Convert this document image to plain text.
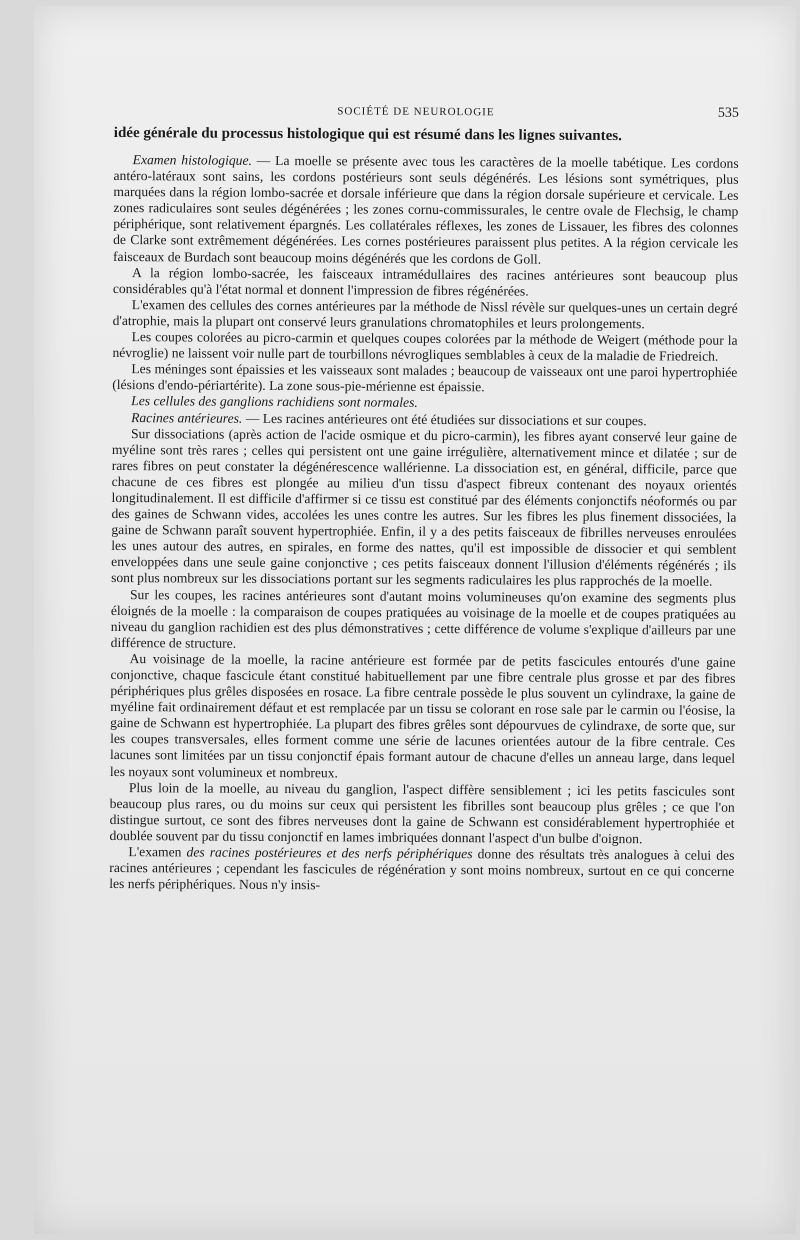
SOCIÉTÉ DE NEUROLOGIE	535
idée générale du processus histologique qui est résumé dans les lignes suivantes.

Examen histologique. — La moelle se présente avec tous les caractères de la moelle tabétique. Les cordons antéro-latéraux sont sains, les cordons postérieurs sont seuls dégénérés. Les lésions sont symétriques, plus marquées dans la région lombo-sacrée et dorsale inférieure que dans la région dorsale supérieure et cervicale. Les zones radiculaires sont seules dégénérées ; les zones cornu-commissurales, le centre ovale de Flechsig, le champ périphérique, sont relativement épargnés. Les collatérales réflexes, les zones de Lissauer, les fibres des colonnes de Clarke sont extrêmement dégénérées. Les cornes postérieures paraissent plus petites. A la région cervicale les faisceaux de Burdach sont beaucoup moins dégénérés que les cordons de Goll.

A la région lombo-sacrée, les faisceaux intramédullaires des racines antérieures sont beaucoup plus considérables qu'à l'état normal et donnent l'impression de fibres régénérées.

L'examen des cellules des cornes antérieures par la méthode de Nissl révèle sur quelques-unes un certain degré d'atrophie, mais la plupart ont conservé leurs granulations chromatophiles et leurs prolongements.

Les coupes colorées au picro-carmin et quelques coupes colorées par la méthode de Weigert (méthode pour la névroglie) ne laissent voir nulle part de tourbillons névrogliques semblables à ceux de la maladie de Friedreich.

Les méninges sont épaissies et les vaisseaux sont malades ; beaucoup de vaisseaux ont une paroi hypertrophiée (lésions d'endo-périartérite). La zone sous-pie-mérienne est épaissie.

Les cellules des ganglions rachidiens sont normales.

Racines antérieures. — Les racines antérieures ont été étudiées sur dissociations et sur coupes.

Sur dissociations (après action de l'acide osmique et du picro-carmin), les fibres ayant conservé leur gaine de myéline sont très rares ; celles qui persistent ont une gaine irrégulière, alternativement mince et dilatée ; sur de rares fibres on peut constater la dégénérescence wallérienne. La dissociation est, en général, difficile, parce que chacune de ces fibres est plongée au milieu d'un tissu d'aspect fibreux contenant des noyaux orientés longitudinalement. Il est difficile d'affirmer si ce tissu est constitué par des éléments conjonctifs néoformés ou par des gaines de Schwann vides, accolées les unes contre les autres. Sur les fibres les plus finement dissociées, la gaine de Schwann paraît souvent hypertrophiée. Enfin, il y a des petits faisceaux de fibrilles nerveuses enroulées les unes autour des autres, en spirales, en forme des nattes, qu'il est impossible de dissocier et qui semblent enveloppées dans une seule gaine conjonctive ; ces petits faisceaux donnent l'illusion d'éléments régénérés ; ils sont plus nombreux sur les dissociations portant sur les segments radiculaires les plus rapprochés de la moelle.

Sur les coupes, les racines antérieures sont d'autant moins volumineuses qu'on examine des segments plus éloignés de la moelle : la comparaison de coupes pratiquées au voisinage de la moelle et de coupes pratiquées au niveau du ganglion rachidien est des plus démonstratives ; cette différence de volume s'explique d'ailleurs par une différence de structure.

Au voisinage de la moelle, la racine antérieure est formée par de petits fascicules entourés d'une gaine conjonctive, chaque fascicule étant constitué habituellement par une fibre centrale plus grosse et par des fibres périphériques plus grêles disposées en rosace. La fibre centrale possède le plus souvent un cylindraxe, la gaine de myéline fait ordinairement défaut et est remplacée par un tissu se colorant en rose sale par le carmin ou l'éosise, la gaine de Schwann est hypertrophiée. La plupart des fibres grêles sont dépourvues de cylindraxe, de sorte que, sur les coupes transversales, elles forment comme une série de lacunes orientées autour de la fibre centrale. Ces lacunes sont limitées par un tissu conjonctif épais formant autour de chacune d'elles un anneau large, dans lequel les noyaux sont volumineux et nombreux.

Plus loin de la moelle, au niveau du ganglion, l'aspect diffère sensiblement ; ici les petits fascicules sont beaucoup plus rares, ou du moins sur ceux qui persistent les fibrilles sont beaucoup plus grêles ; ce que l'on distingue surtout, ce sont des fibres nerveuses dont la gaine de Schwann est considérablement hypertrophiée et doublée souvent par du tissu conjonctif en lames imbriquées donnant l'aspect d'un bulbe d'oignon.

L'examen des racines postérieures et des nerfs périphériques donne des résultats très analogues à celui des racines antérieures ; cependant les fascicules de régénération y sont moins nombreux, surtout en ce qui concerne les nerfs périphériques. Nous n'y insis-
